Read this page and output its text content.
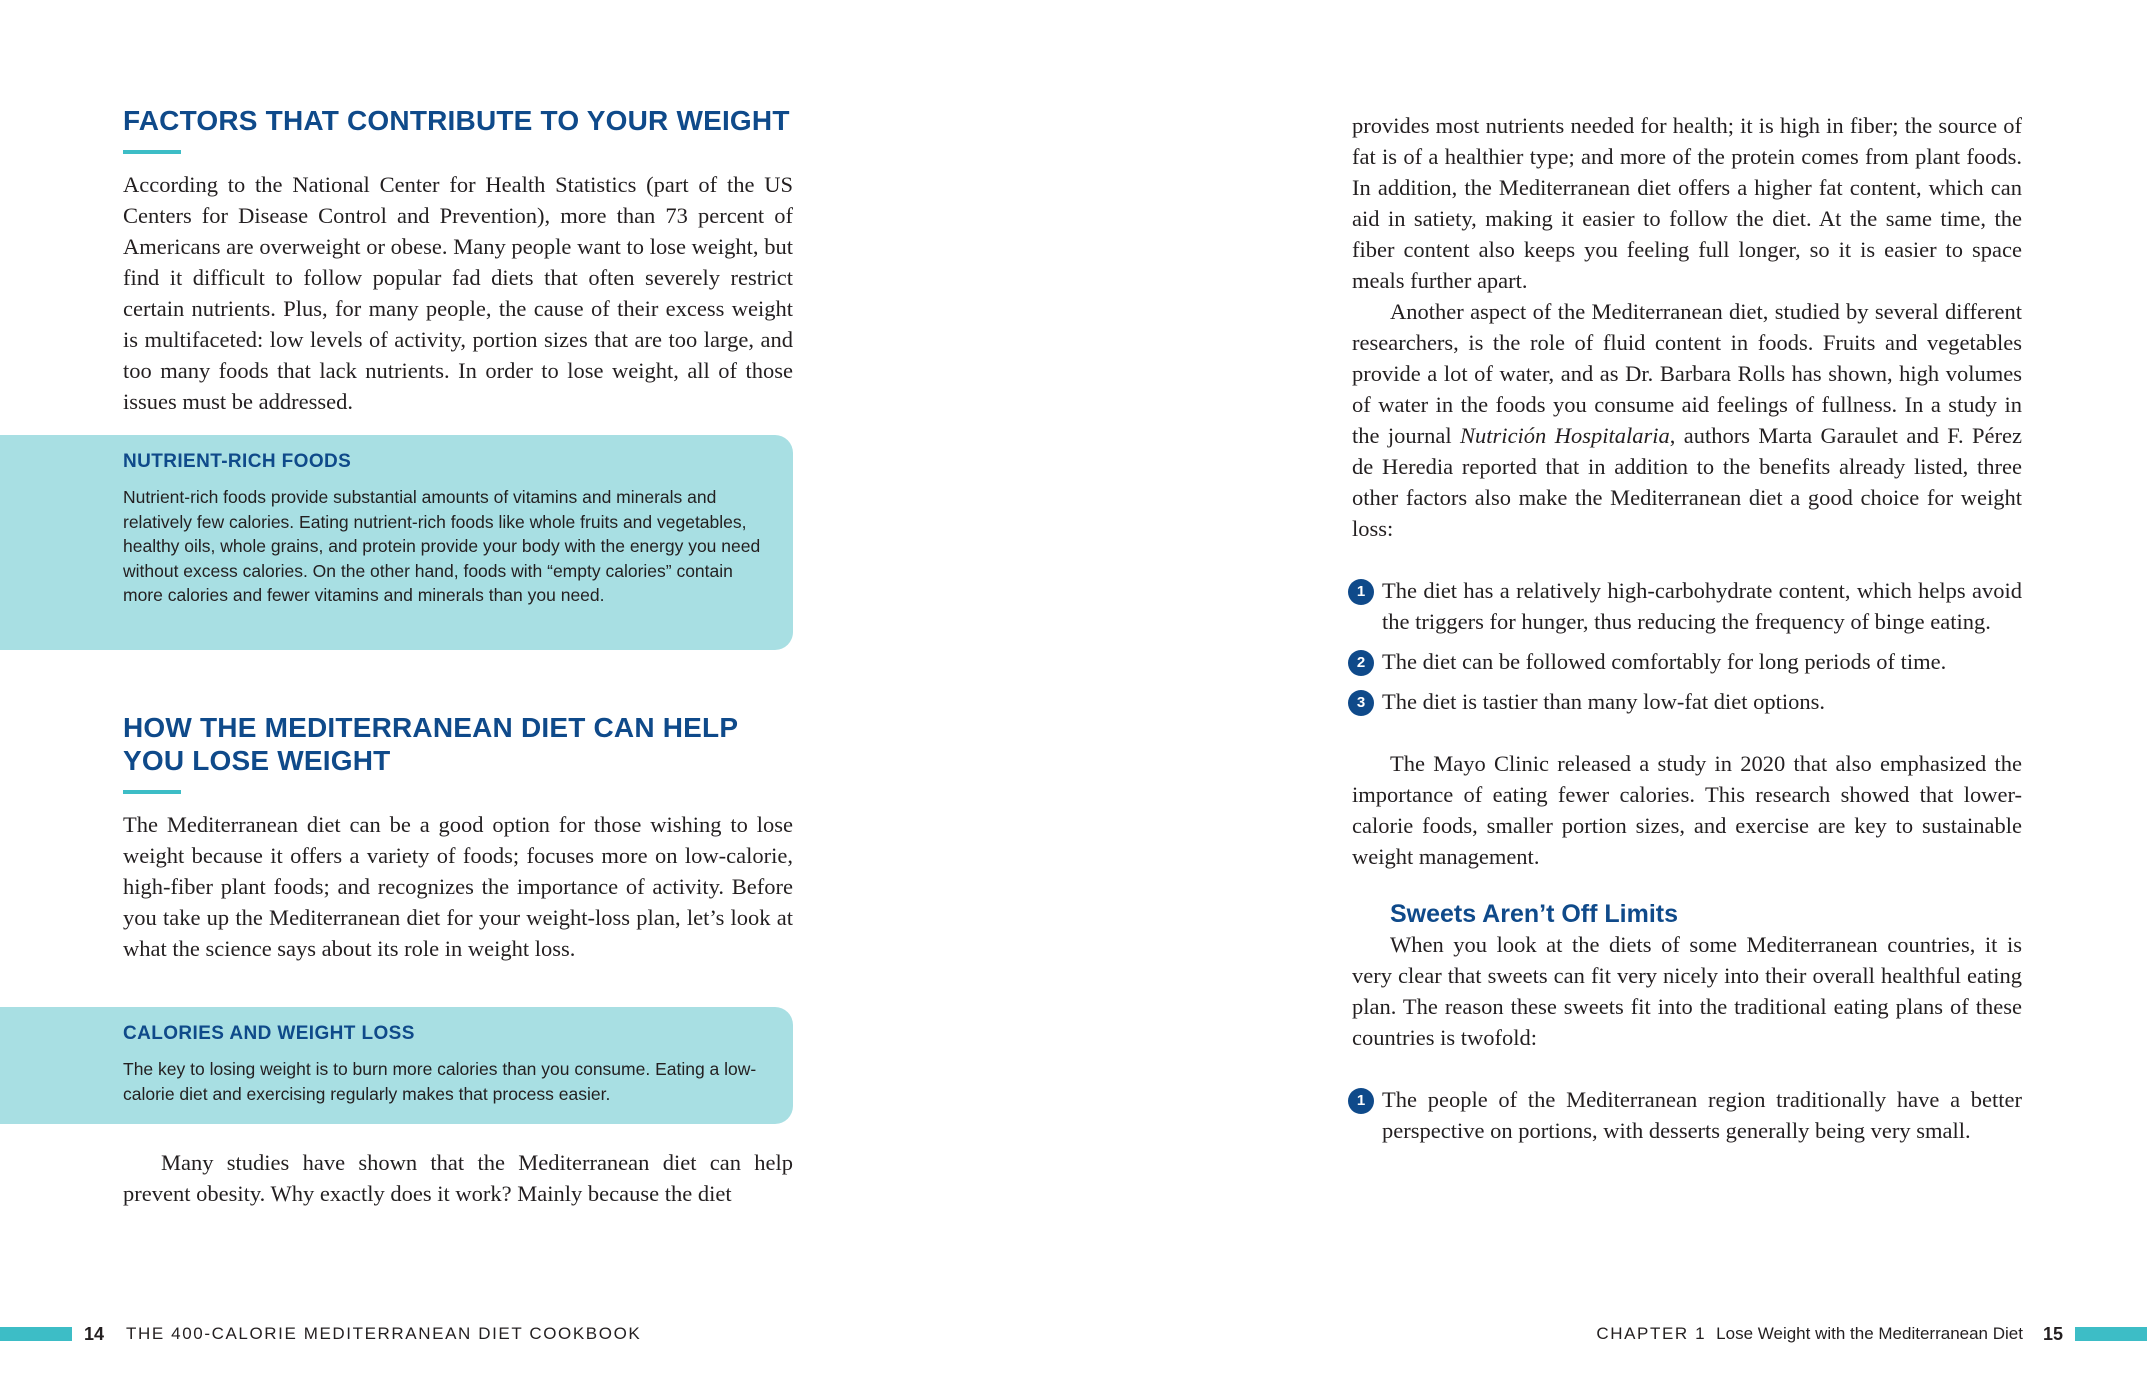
FACTORS THAT CONTRIBUTE TO YOUR WEIGHT

According to the National Center for Health Statistics (part of the US Centers for Disease Control and Prevention), more than 73 percent of Americans are overweight or obese. Many people want to lose weight, but find it difficult to follow popular fad diets that often severely restrict certain nutrients. Plus, for many people, the cause of their excess weight is multifaceted: low levels of activity, portion sizes that are too large, and too many foods that lack nutrients. In order to lose weight, all of those issues must be addressed.

NUTRIENT-RICH FOODS

Nutrient-rich foods provide substantial amounts of vitamins and minerals and relatively few calories. Eating nutrient-rich foods like whole fruits and vegetables, healthy oils, whole grains, and protein provide your body with the energy you need without excess calories. On the other hand, foods with “empty calories” contain more calories and fewer vitamins and minerals than you need.

HOW THE MEDITERRANEAN DIET CAN HELP YOU LOSE WEIGHT

The Mediterranean diet can be a good option for those wishing to lose weight because it offers a variety of foods; focuses more on low-calorie, high-fiber plant foods; and recognizes the importance of activity. Before you take up the Mediterranean diet for your weight-loss plan, let’s look at what the science says about its role in weight loss.

CALORIES AND WEIGHT LOSS

The key to losing weight is to burn more calories than you consume. Eating a low-calorie diet and exercising regularly makes that process easier.

Many studies have shown that the Mediterranean diet can help prevent obesity. Why exactly does it work? Mainly because the diet

provides most nutrients needed for health; it is high in fiber; the source of fat is of a healthier type; and more of the protein comes from plant foods. In addition, the Mediterranean diet offers a higher fat content, which can aid in satiety, making it easier to follow the diet. At the same time, the fiber content also keeps you feeling full longer, so it is easier to space meals further apart.

Another aspect of the Mediterranean diet, studied by several different researchers, is the role of fluid content in foods. Fruits and vegetables provide a lot of water, and as Dr. Barbara Rolls has shown, high volumes of water in the foods you consume aid feelings of fullness. In a study in the journal Nutrición Hospitalaria, authors Marta Garaulet and F. Pérez de Heredia reported that in addition to the benefits already listed, three other factors also make the Mediterranean diet a good choice for weight loss:

1 The diet has a relatively high-carbohydrate content, which helps avoid the triggers for hunger, thus reducing the frequency of binge eating.
2 The diet can be followed comfortably for long periods of time.
3 The diet is tastier than many low-fat diet options.

The Mayo Clinic released a study in 2020 that also emphasized the importance of eating fewer calories. This research showed that lower-calorie foods, smaller portion sizes, and exercise are key to sustainable weight management.

Sweets Aren’t Off Limits

When you look at the diets of some Mediterranean countries, it is very clear that sweets can fit very nicely into their overall healthful eating plan. The reason these sweets fit into the traditional eating plans of these countries is twofold:

1 The people of the Mediterranean region traditionally have a better perspective on portions, with desserts generally being very small.
14 THE 400-CALORIE MEDITERRANEAN DIET COOKBOOK	CHAPTER 1 Lose Weight with the Mediterranean Diet 15
